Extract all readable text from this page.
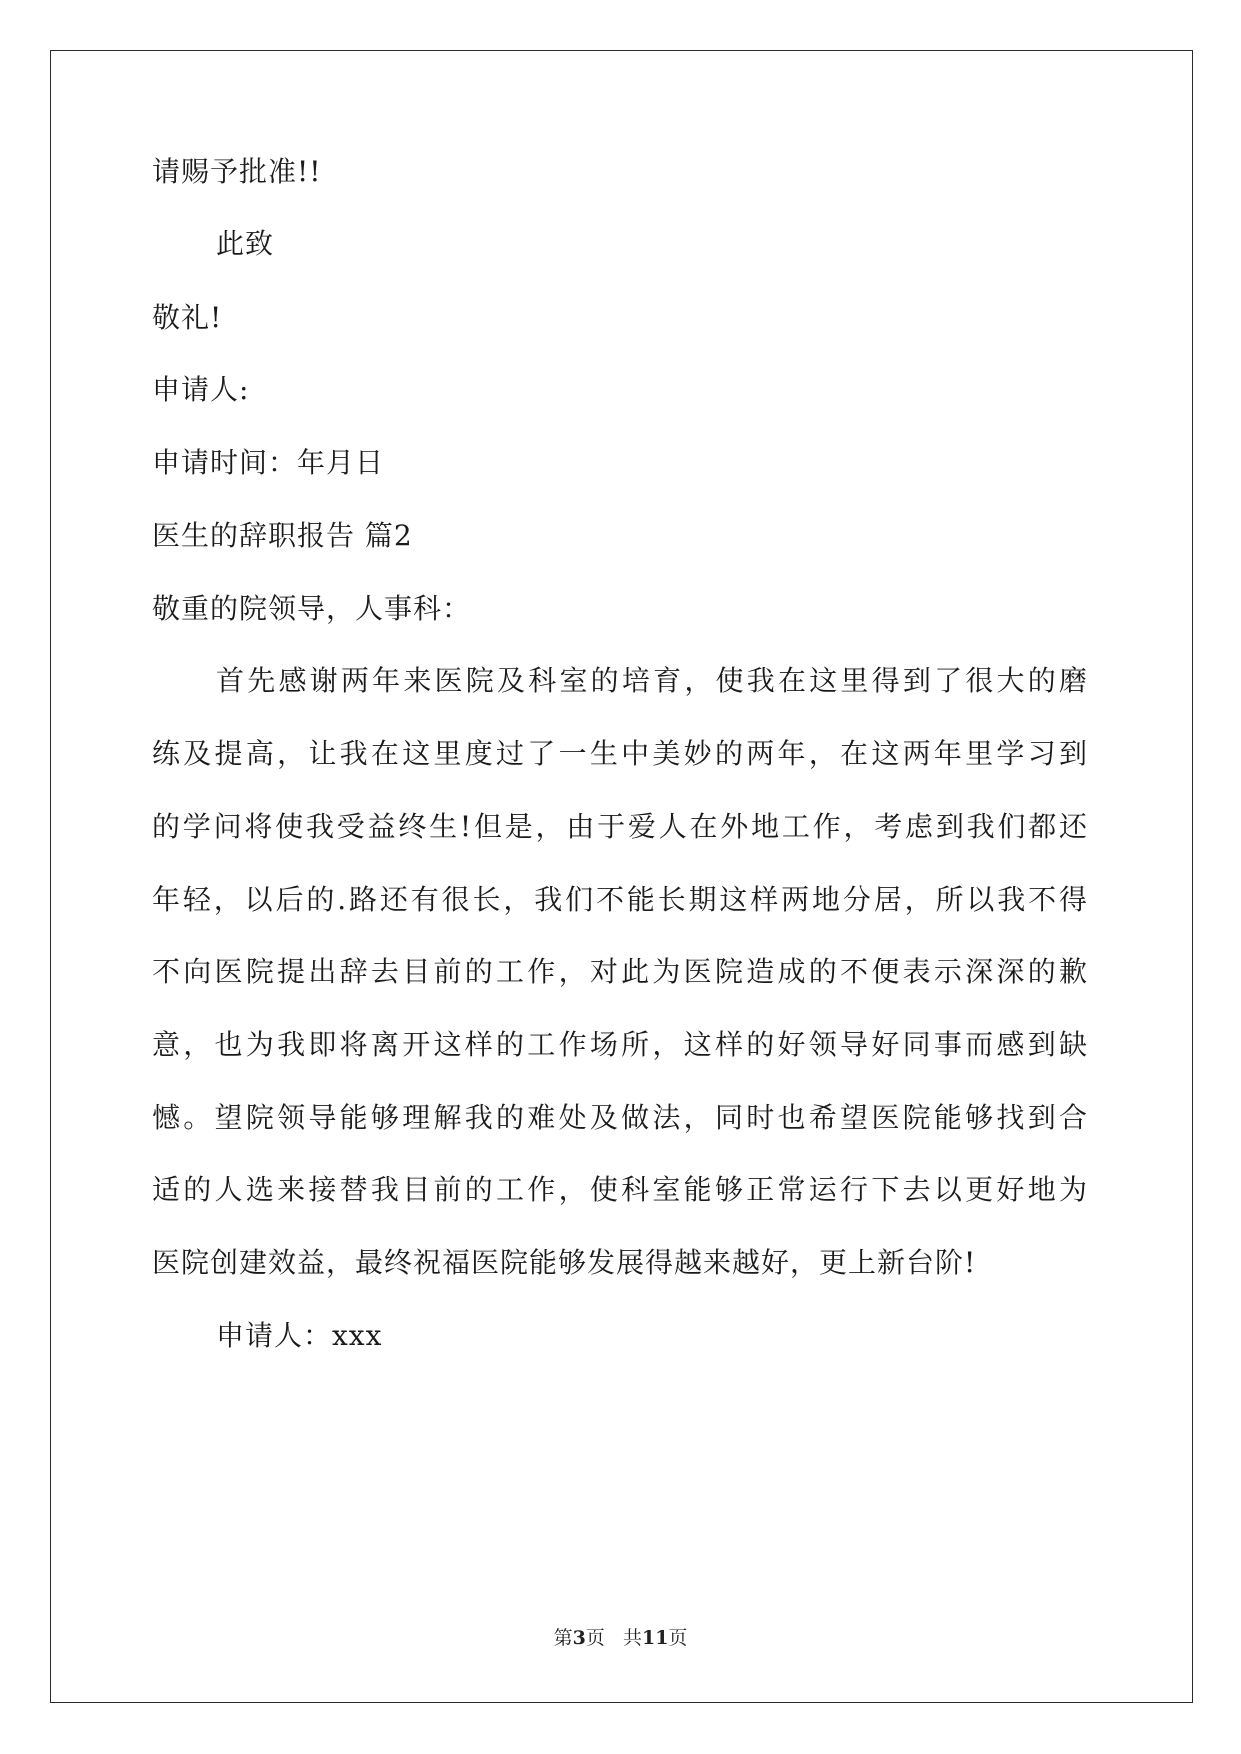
请赐予批准!!

此致

敬礼!

申请人:

申请时间：年月日

医生的辞职报告 篇2

敬重的院领导，人事科：

首先感谢两年来医院及科室的培育，使我在这里得到了很大的磨

练及提高，让我在这里度过了一生中美妙的两年，在这两年里学习到

的学问将使我受益终生!但是，由于爱人在外地工作，考虑到我们都还

年轻，以后的.路还有很长，我们不能长期这样两地分居，所以我不得

不向医院提出辞去目前的工作，对此为医院造成的不便表示深深的歉

意，也为我即将离开这样的工作场所，这样的好领导好同事而感到缺

憾。望院领导能够理解我的难处及做法，同时也希望医院能够找到合

适的人选来接替我目前的工作，使科室能够正常运行下去以更好地为

医院创建效益，最终祝福医院能够发展得越来越好，更上新台阶!

申请人：xxx

第3页 共11页
